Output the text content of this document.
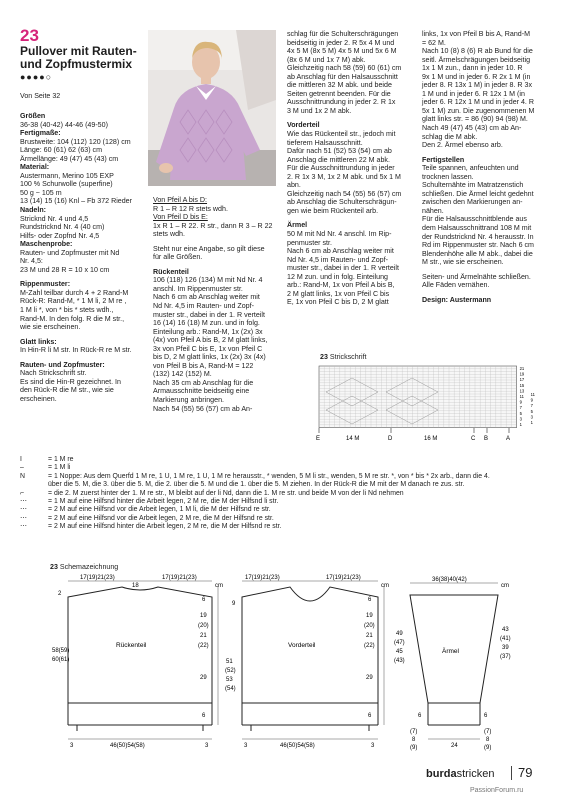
23
Pullover mit Rauten-
und Zopfmustermix
●●●●○
Von Seite 32

Größen

36-38 (40-42) 44-46 (49-50)

Fertigmaße:

Brustweite: 104 (112) 120 (128) cm

Länge: 60 (61) 62 (63) cm

Ärmellänge: 49 (47) 45 (43) cm

Material:

Austermann, Merino 105 EXP

100 % Schurwolle (superfine)

50 g ~ 105 m

13 (14) 15 (16) Knl – Fb 372 Rieder

Nadeln:

Stricknd Nr. 4 und 4,5

Rundstricknd Nr. 4 (40 cm)

Hilfs- oder Zopfnd Nr. 4,5

Maschenprobe:

Rauten- und Zopfmuster mit Nd

Nr. 4,5:

23 M und 28 R = 10 x 10 cm

Rippenmuster:

M-Zahl teilbar durch 4 + 2 Rand-M

Rück-R: Rand-M, * 1 M li, 2 M re ,

1 M li *, von * bis * stets wdh.,

Rand-M. In den folg. R die M str.,

wie sie erscheinen.

Glatt links:

In Hin-R li M str. In Rück-R re M str.

Rauten- und Zopfmuster:

Nach Strickschrift str.

Es sind die Hin-R gezeichnet. In

den Rück-R die M str., wie sie

erscheinen.

Von Pfeil A bis D:

R 1 – R 12 R stets wdh.

Von Pfeil D bis E:

1x R 1 – R 22. R str., dann R 3 – R 22

stets wdh.

Steht nur eine Angabe, so gilt diese

für alle Größen.

Rückenteil

106 (118) 126 (134) M mit Nd Nr. 4

anschl. Im Rippenmuster str.

Nach 6 cm ab Anschlag weiter mit

Nd Nr. 4,5 im Rauten- und Zopf-

muster str., dabei in der 1. R verteilt

16 (14) 16 (18) M zun. und in folg.

Einteilung arb.: Rand-M, 1x (2x) 3x

(4x) von Pfeil A bis B, 2 M glatt links,

3x von Pfeil C bis E, 1x von Pfeil C

bis D, 2 M glatt links, 1x (2x) 3x (4x)

von Pfeil B bis A, Rand-M = 122

(132) 142 (152) M.

Nach 35 cm ab Anschlag für die

Armausschnitte beidseitig eine

Markierung anbringen.

Nach 54 (55) 56 (57) cm ab An-

schlag für die Schulterschrägungen

beidseitig in jeder 2. R 5x 4 M und

4x 5 M (8x 5 M) 4x 5 M und 5x 6 M

(8x 6 M und 1x 7 M) abk.

Gleichzeitig nach 58 (59) 60 (61) cm

ab Anschlag für den Halsausschnitt

die mittleren 32 M abk. und beide

Seiten getrennt beenden. Für die

Ausschnittrundung in jeder 2. R 1x

3 M und 1x 2 M abk.

Vorderteil

Wie das Rückenteil str., jedoch mit

tieferem Halsausschnitt.

Dafür nach 51 (52) 53 (54) cm ab

Anschlag die mittleren 22 M abk.

Für die Ausschnittrundung in jeder

2. R 1x 3 M, 1x 2 M abk. und 5x 1 M

abn.

Gleichzeitig nach 54 (55) 56 (57) cm

ab Anschlag die Schulterschrägun-

gen wie beim Rückenteil arb.

Ärmel

50 M mit Nd Nr. 4 anschl. Im Rip-

penmuster str.

Nach 6 cm ab Anschlag weiter mit

Nd Nr. 4,5 im Rauten- und Zopf-

muster str., dabei in der 1. R verteilt

12 M zun. und in folg. Einteilung

arb.: Rand-M, 1x von Pfeil A bis B,

2 M glatt links, 1x von Pfeil C bis

E, 1x von Pfeil C bis D, 2 M glatt

links, 1x von Pfeil B bis A, Rand-M

= 62 M.

Nach 10 (8) 8 (6) R ab Bund für die

seitl. Ärmelschrägungen beidseitig

1x 1 M zun., dann in jeder 10. R

9x 1 M und in jeder 6. R 2x 1 M (in

jeder 8. R 13x 1 M) in jeder 8. R 3x

1 M und in jeder 6. R 12x 1 M (in

jeder 6. R 12x 1 M und in jeder 4. R

5x 1 M) zun. Die zugenommenen M

glatt links str. = 86 (90) 94 (98) M.

Nach 49 (47) 45 (43) cm ab An-

schlag die M abk.

Den 2. Ärmel ebenso arb.

Fertigstellen

Teile spannen, anfeuchten und

trocknen lassen.

Schulternähte im Matratzenstich

schließen. Die Ärmel leicht gedehnt

zwischen den Markierungen an-

nähen.

Für die Halsausschnittblende aus

dem Halsausschnittrand 108 M mit

der Rundstricknd Nr. 4 herausstr. In

Rd im Rippenmuster str. Nach 6 cm

Blendenhöhe alle M abk., dabei die

M str., wie sie erscheinen.

Seiten- und Ärmelnähte schließen.

Alle Fäden vernähen.

Design: Austermann

23 Strickschrift
E	D	C B	A
14 M	16 M
21
19
17
15
13
11
9
7
5
3
1
11
9
7
5
3
1
I	= 1 M re
–	= 1 M li
N	= 1 Noppe: Aus dem Querfd 1 M re, 1 U, 1 M re, 1 U, 1 M re herausstr., * wenden, 5 M li str., wenden, 5 M re str. *, von * bis * 2x arb., dann die 4.
über die 5. M, die 3. über die 5. M, die 2. über die 5. M und die 1. über die 5. M ziehen. In der Rück-R die M mit der M danach re zus. str.
⌐	= die 2. M zuerst hinter der 1. M re str., M bleibt auf der li Nd, dann die 1. M re str. und beide M von der li Nd nehmen
⋯	= 1 M auf eine Hilfsnd hinter die Arbeit legen, 2 M re, die M der Hilfsnd li str.
⋯	= 2 M auf eine Hilfsnd vor die Arbeit legen, 1 M li, die M der Hilfsnd re str.
⋯	= 2 M auf eine Hilfsnd vor die Arbeit legen, 2 M re, die M der Hilfsnd re str.
⋯	= 2 M auf eine Hilfsnd hinter die Arbeit legen, 2 M re, die M der Hilfsnd re str.
23 Schemazeichnung
17(19)21(23)
18
17(19)21(23)
cm
2
6
19
(20)
21
(22)
29
6
58(59)
60(61)
Rückenteil
46(50)54(58)
3	3
17(19)21(23)	17(19)21(23)
cm
9
6
19
(20)
21
(22)
51
(52)
53
(54)
29
6
Vorderteil
46(50)54(58)
3	3
36(38)40(42)
cm
49
(47)
45
(43)
43
(41)
39
(37)
Ärmel
6	6
24
(7)
8
(9)
(7)
8
(9)
burdastricken 79
PassionForum.ru
